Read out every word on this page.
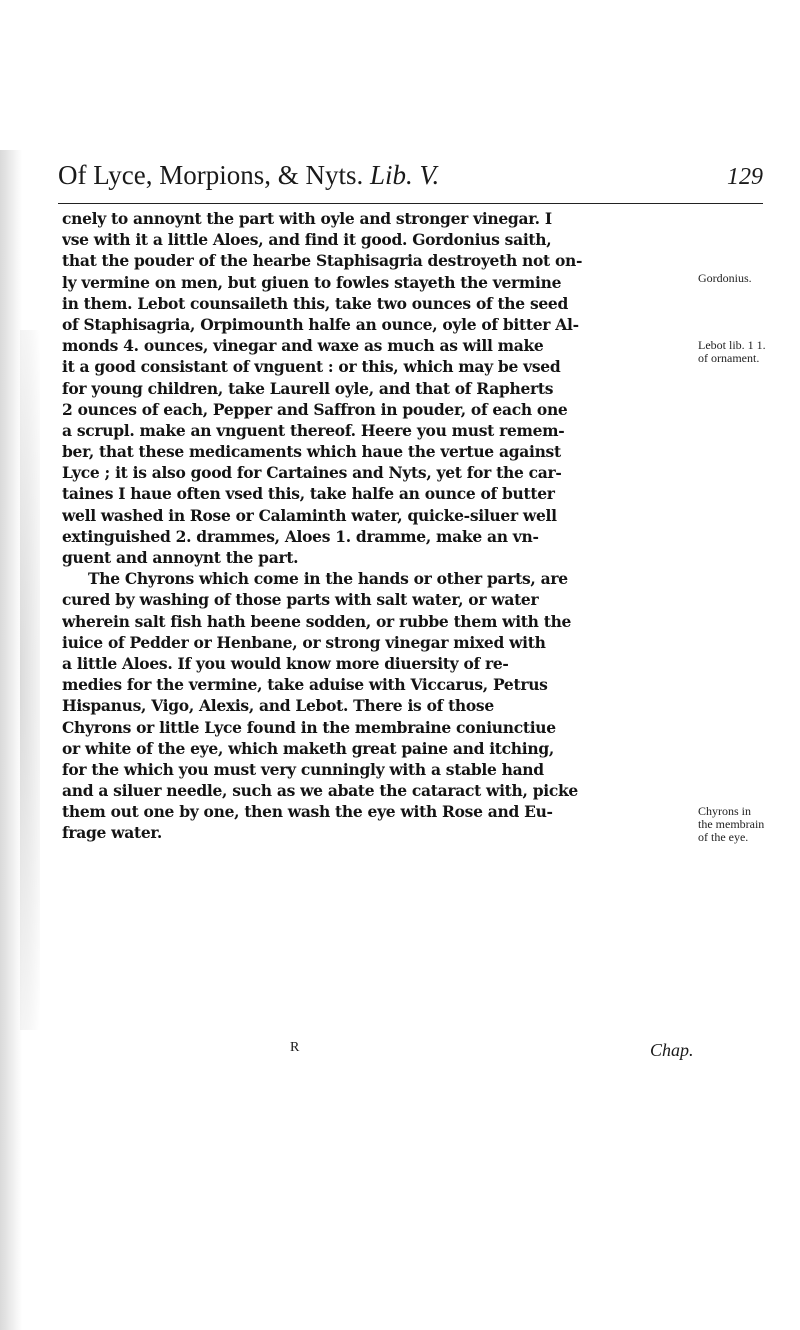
Of Lyce, Morpions, & Nyts. Lib. V.	129
cnely to annoynt the part with oyle and stronger vinegar. I
vse with it a little Aloes, and find it good. Gordonius saith,
that the pouder of the hearbe Staphisagria destroyeth not on-
ly vermine on men, but giuen to fowles stayeth the vermine
in them. Lebot counsaileth this, take two ounces of the seed
of Staphisagria, Orpimounth halfe an ounce, oyle of bitter Al-
monds 4. ounces, vinegar and waxe as much as will make
it a good consistant of vnguent : or this, which may be vsed
for young children, take Laurell oyle, and that of Rapherts
2 ounces of each, Pepper and Saffron in pouder, of each one
a scrupl. make an vnguent thereof. Heere you must remem-
ber, that these medicaments which haue the vertue against
Lyce ; it is also good for Cartaines and Nyts, yet for the car-
taines I haue often vsed this, take halfe an ounce of butter
well washed in Rose or Calaminth water, quicke-siluer well
extinguished 2. drammes, Aloes 1. dramme, make an vn-
guent and annoynt the part.
The Chyrons which come in the hands or other parts, are
cured by washing of those parts with salt water, or water
wherein salt fish hath beene sodden, or rubbe them with the
iuice of Pedder or Henbane, or strong vinegar mixed with
a little Aloes. If you would know more diuersity of re-
medies for the vermine, take aduise with Viccarus, Petrus
Hispanus, Vigo, Alexis, and Lebot. There is of those
Chyrons or little Lyce found in the membraine coniunctiue
or white of the eye, which maketh great paine and itching,
for the which you must very cunningly with a stable hand
and a siluer needle, such as we abate the cataract with, picke
them out one by one, then wash the eye with Rose and Eu-
frage water.
Gordonius.
Lebot lib. 1 1.
of ornament.
Chyrons in
the membrain
of the eye.
R	Chap.
